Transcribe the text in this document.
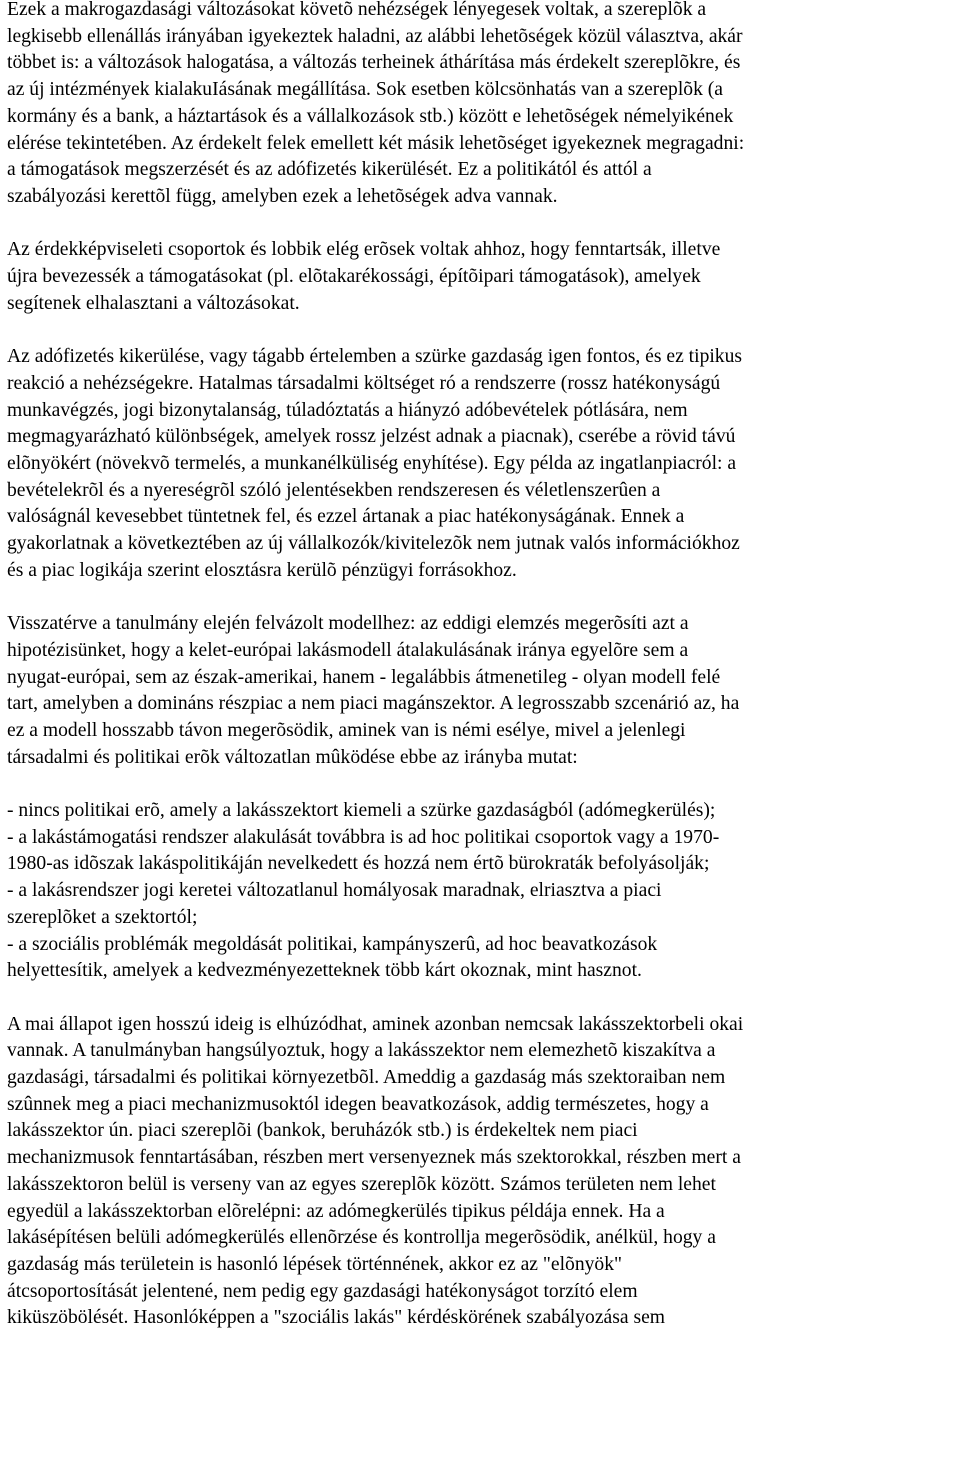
Ezek a makrogazdasági változásokat követõ nehézségek lényegesek voltak, a szereplõk a
legkisebb ellenállás irányában igyekeztek haladni, az alábbi lehetõségek közül választva, akár
többet is: a változások halogatása, a változás terheinek áthárítása más érdekelt szereplõkre, és
az új intézmények kialakuIásának megállítása. Sok esetben kölcsönhatás van a szereplõk (a
kormány és a bank, a háztartások és a vállalkozások stb.) között e lehetõségek némelyikének
elérése tekintetében. Az érdekelt felek emellett két másik lehetõséget igyekeznek megragadni:
a támogatások megszerzését és az adófizetés kikerülését. Ez a politikától és attól a
szabályozási kerettõl függ, amelyben ezek a lehetõségek adva vannak.

Az érdekképviseleti csoportok és lobbik elég erõsek voltak ahhoz, hogy fenntartsák, illetve
újra bevezessék a támogatásokat (pl. elõtakarékossági, építõipari támogatások), amelyek
segítenek elhalasztani a változásokat.

Az adófizetés kikerülése, vagy tágabb értelemben a szürke gazdaság igen fontos, és ez tipikus
reakció a nehézségekre. Hatalmas társadalmi költséget ró a rendszerre (rossz hatékonyságú
munkavégzés, jogi bizonytalanság, túladóztatás a hiányzó adóbevételek pótlására, nem
megmagyarázható különbségek, amelyek rossz jelzést adnak a piacnak), cserébe a rövid távú
elõnyökért (növekvõ termelés, a munkanélküliség enyhítése). Egy példa az ingatlanpiacról: a
bevételekrõl és a nyereségrõl szóló jelentésekben rendszeresen és véletlenszerûen a
valóságnál kevesebbet tüntetnek fel, és ezzel ártanak a piac hatékonyságának. Ennek a
gyakorlatnak a következtében az új vállalkozók/kivitelezõk nem jutnak valós információkhoz
és a piac logikája szerint elosztásra kerülõ pénzügyi forrásokhoz.

Visszatérve a tanulmány elején felvázolt modellhez: az eddigi elemzés megerõsíti azt a
hipotézisünket, hogy a kelet-európai lakásmodell átalakulásának iránya egyelõre sem a
nyugat-európai, sem az észak-amerikai, hanem - legalábbis átmenetileg - olyan modell felé
tart, amelyben a domináns részpiac a nem piaci magánszektor. A legrosszabb szcenárió az, ha
ez a modell hosszabb távon megerõsödik, aminek van is némi esélye, mivel a jelenlegi
társadalmi és politikai erõk változatlan mûködése ebbe az irányba mutat:

- nincs politikai erõ, amely a lakásszektort kiemeli a szürke gazdaságból (adómegkerülés);
- a lakástámogatási rendszer alakulását továbbra is ad hoc politikai csoportok vagy a 1970-
1980-as idõszak lakáspolitikáján nevelkedett és hozzá nem értõ bürokraták befolyásolják;
- a lakásrendszer jogi keretei változatlanul homályosak maradnak, elriasztva a piaci
szereplõket a szektortól;
- a szociális problémák megoldását politikai, kampányszerû, ad hoc beavatkozások
helyettesítik, amelyek a kedvezményezetteknek több kárt okoznak, mint hasznot.

A mai állapot igen hosszú ideig is elhúzódhat, aminek azonban nemcsak lakásszektorbeli okai
vannak. A tanulmányban hangsúlyoztuk, hogy a lakásszektor nem elemezhetõ kiszakítva a
gazdasági, társadalmi és politikai környezetbõl. Ameddig a gazdaság más szektoraiban nem
szûnnek meg a piaci mechanizmusoktól idegen beavatkozások, addig természetes, hogy a
lakásszektor ún. piaci szereplõi (bankok, beruházók stb.) is érdekeltek nem piaci
mechanizmusok fenntartásában, részben mert versenyeznek más szektorokkal, részben mert a
lakásszektoron belül is verseny van az egyes szereplõk között. Számos területen nem lehet
egyedül a lakásszektorban elõrelépni: az adómegkerülés tipikus példája ennek. Ha a
lakásépítésen belüli adómegkerülés ellenõrzése és kontrollja megerõsödik, anélkül, hogy a
gazdaság más területein is hasonló lépések történnének, akkor ez az "elõnyök"
átcsoportosítását jelentené, nem pedig egy gazdasági hatékonyságot torzító elem
kiküszöbölését. Hasonlóképpen a "szociális lakás" kérdéskörének szabályozása sem
